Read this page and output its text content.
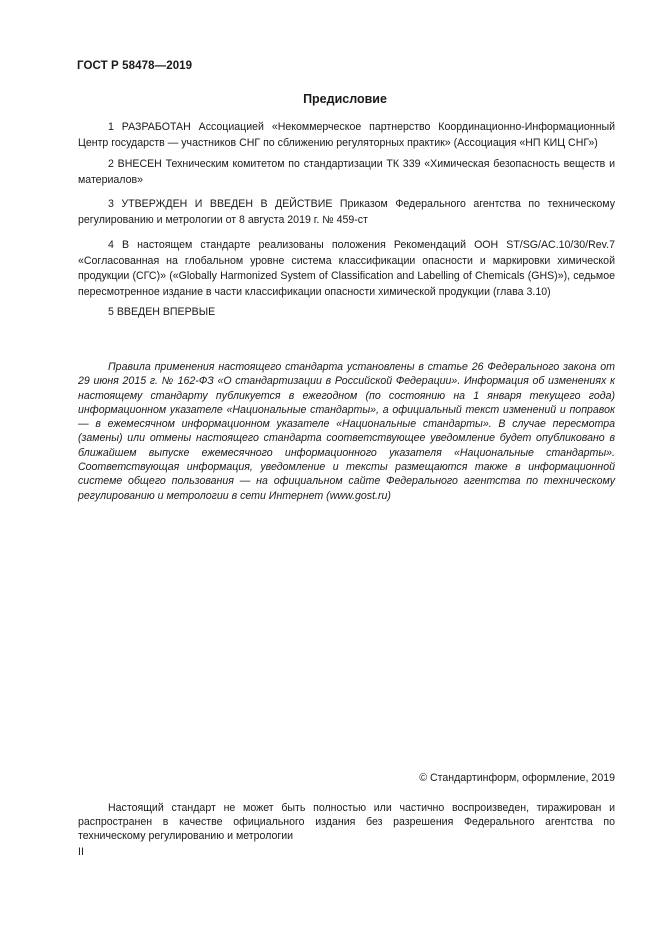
ГОСТ Р 58478—2019
Предисловие
1 РАЗРАБОТАН Ассоциацией «Некоммерческое партнерство Координационно-Информационный Центр государств — участников СНГ по сближению регуляторных практик» (Ассоциация «НП КИЦ СНГ»)
2 ВНЕСЕН Техническим комитетом по стандартизации ТК 339 «Химическая безопасность веществ и материалов»
3 УТВЕРЖДЕН И ВВЕДЕН В ДЕЙСТВИЕ Приказом Федерального агентства по техническому регулированию и метрологии от 8 августа 2019 г. № 459-ст
4 В настоящем стандарте реализованы положения Рекомендаций ООН ST/SG/AC.10/30/Rev.7 «Согласованная на глобальном уровне система классификации опасности и маркировки химической продукции (СГС)» («Globally Harmonized System of Classification and Labelling of Chemicals (GHS)»), седьмое пересмотренное издание в части классификации опасности химической продукции (глава 3.10)
5 ВВЕДЕН ВПЕРВЫЕ
Правила применения настоящего стандарта установлены в статье 26 Федерального закона от 29 июня 2015 г. № 162-ФЗ «О стандартизации в Российской Федерации». Информация об изменениях к настоящему стандарту публикуется в ежегодном (по состоянию на 1 января текущего года) информационном указателе «Национальные стандарты», а официальный текст изменений и поправок — в ежемесячном информационном указателе «Национальные стандарты». В случае пересмотра (замены) или отмены настоящего стандарта соответствующее уведомление будет опубликовано в ближайшем выпуске ежемесячного информационного указателя «Национальные стандарты». Соответствующая информация, уведомление и тексты размещаются также в информационной системе общего пользования — на официальном сайте Федерального агентства по техническому регулированию и метрологии в сети Интернет (www.gost.ru)
© Стандартинформ, оформление, 2019
Настоящий стандарт не может быть полностью или частично воспроизведен, тиражирован и распространен в качестве официального издания без разрешения Федерального агентства по техническому регулированию и метрологии
II
